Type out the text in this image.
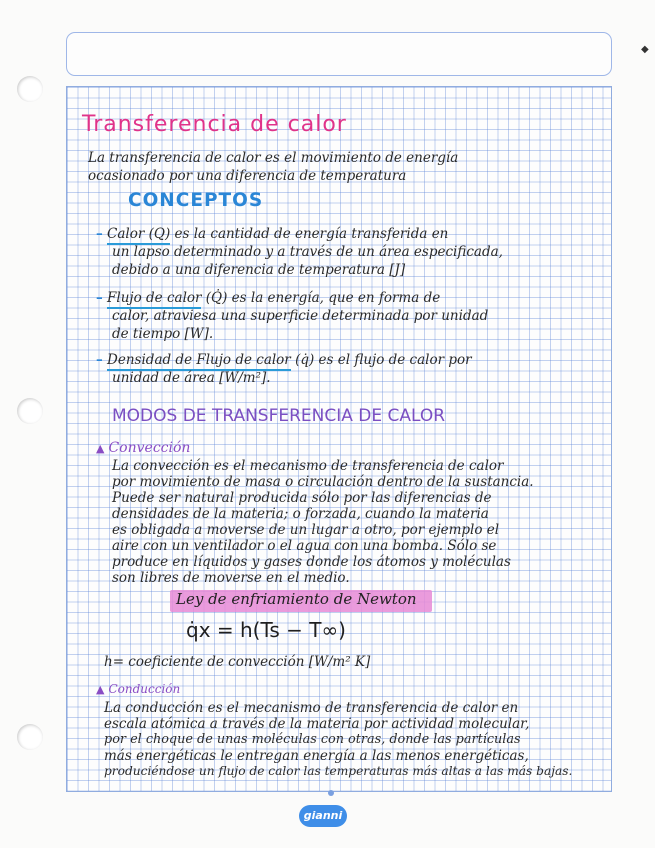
◆
Transferencia de calor
La transferencia de calor es el movimiento de energía
ocasionado por una diferencia de temperatura
CONCEPTOS
– Calor (Q) es la cantidad de energía transferida en
un lapso determinado y a través de un área especificada,
debido a una diferencia de temperatura [J]
– Flujo de calor (Q̇) es la energía, que en forma de
calor, atraviesa una superficie determinada por unidad
de tiempo [W].
– Densidad de Flujo de calor (q̇) es el flujo de calor por
unidad de área [W/m²].
MODOS DE TRANSFERENCIA DE CALOR
▲ Convección
La convección es el mecanismo de transferencia de calor
por movimiento de masa o circulación dentro de la sustancia.
Puede ser natural producida sólo por las diferencias de
densidades de la materia; o forzada, cuando la materia
es obligada a moverse de un lugar a otro, por ejemplo el
aire con un ventilador o el agua con una bomba. Sólo se
produce en líquidos y gases donde los átomos y moléculas
son libres de moverse en el medio.
Ley de enfriamiento de Newton
q̇x = h(Ts − T∞)
h= coeficiente de convección [W/m² K]
▲ Conducción
La conducción es el mecanismo de transferencia de calor en
escala atómica a través de la materia por actividad molecular,
por el choque de unas moléculas con otras, donde las partículas
más energéticas le entregan energía a las menos energéticas,
produciéndose un flujo de calor las temperaturas más altas a las más bajas.
gianni
